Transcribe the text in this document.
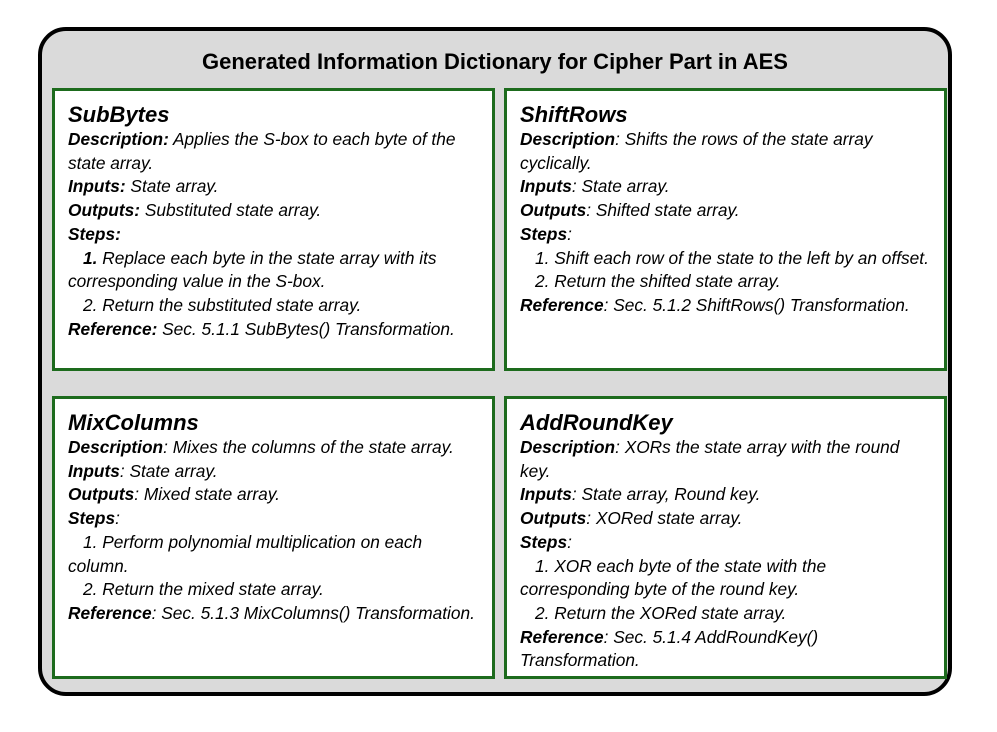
Generated Information Dictionary for Cipher Part in AES
SubBytes

Description: Applies the S-box to each byte of the state array.

Inputs: State array.

Outputs: Substituted state array.

Steps:

1. Replace each byte in the state array with its corresponding value in the S-box.

2. Return the substituted state array.

Reference: Sec. 5.1.1 SubBytes() Transformation.

ShiftRows

Description: Shifts the rows of the state array cyclically.

Inputs: State array.

Outputs: Shifted state array.

Steps:

1. Shift each row of the state to the left by an offset.

2. Return the shifted state array.

Reference: Sec. 5.1.2 ShiftRows() Transformation.

MixColumns

Description: Mixes the columns of the state array.

Inputs: State array.

Outputs: Mixed state array.

Steps:

1. Perform polynomial multiplication on each column.

2. Return the mixed state array.

Reference: Sec. 5.1.3 MixColumns() Transformation.

AddRoundKey

Description: XORs the state array with the round key.

Inputs: State array, Round key.

Outputs: XORed state array.

Steps:

1. XOR each byte of the state with the corresponding byte of the round key.

2. Return the XORed state array.

Reference: Sec. 5.1.4 AddRoundKey() Transformation.
